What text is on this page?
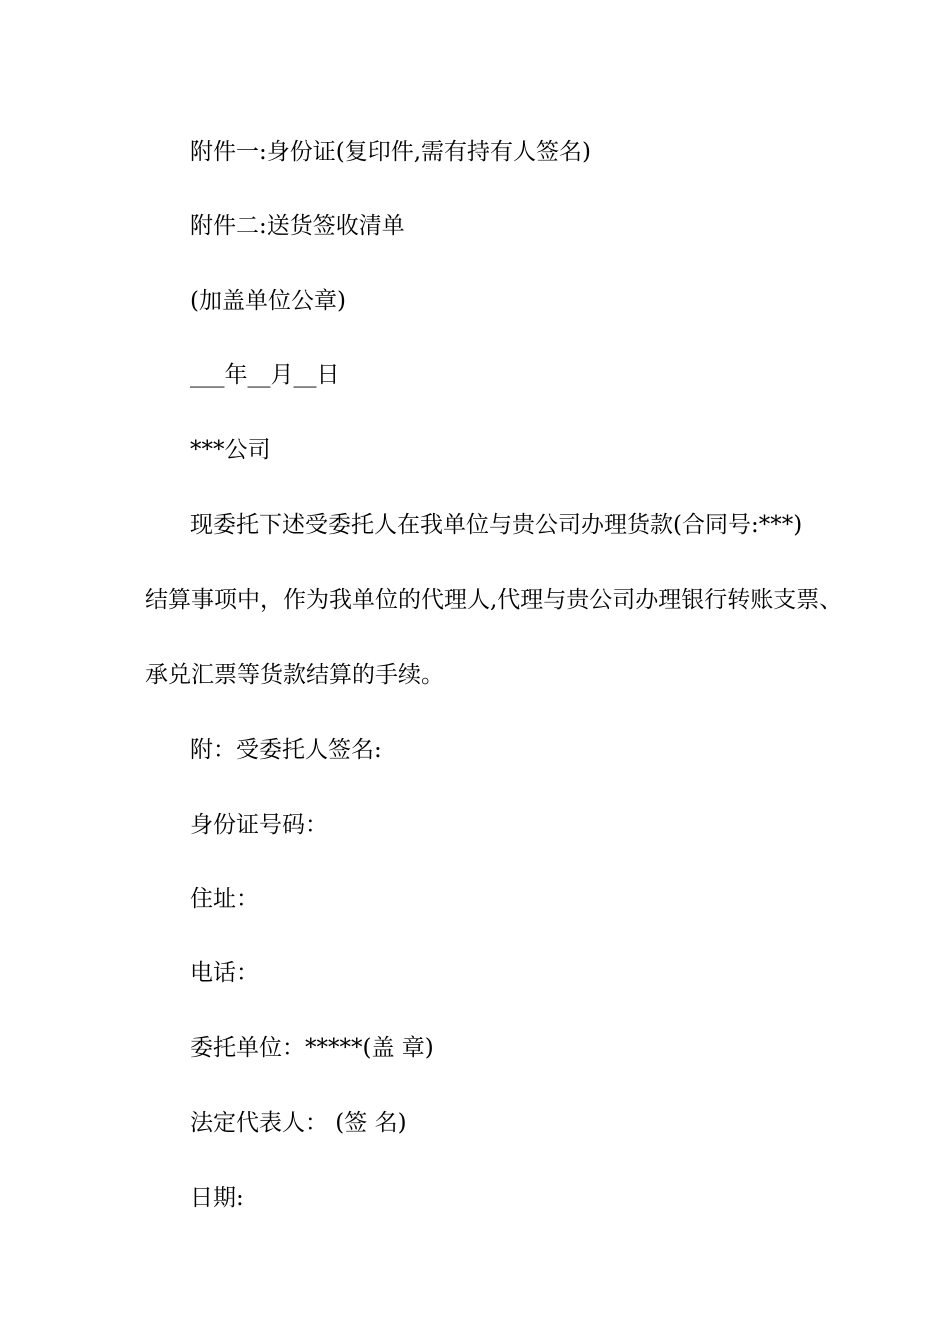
附件一:身份证(复印件,需有持有人签名)

附件二:送货签收清单

(加盖单位公章)

___年__月__日

***公司

现委托下述受委托人在我单位与贵公司办理货款(合同号:***)

结算事项中，作为我单位的代理人,代理与贵公司办理银行转账支票、

承兑汇票等货款结算的手续。

附：受委托人签名:

身份证号码：

住址：

电话：

委托单位：*****(盖 章)

法定代表人： (签 名)

日期:
